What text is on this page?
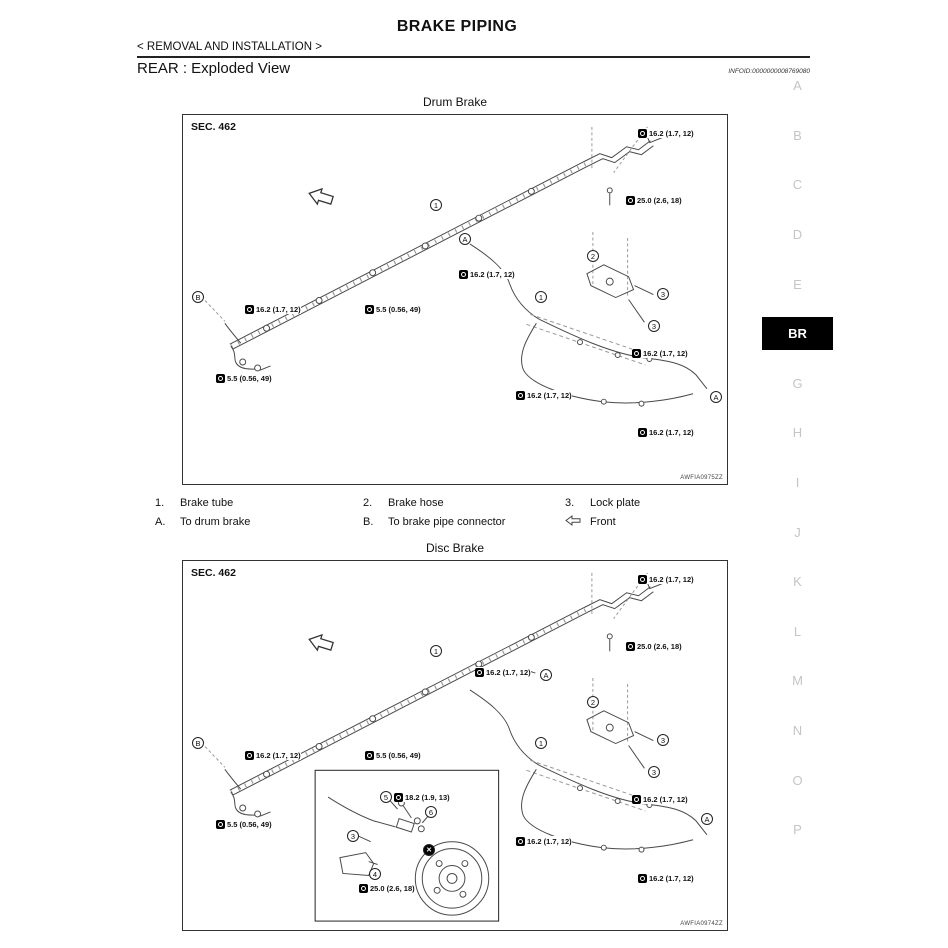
BRAKE PIPING
< REMOVAL AND INSTALLATION >
REAR : Exploded View	INFOID:0000000008769080
A
B
C
D
E
BR
G
H
I
J
K
L
M
N
O
P
Drum Brake
16.2 (1.7, 12)
25.0 (2.6, 18)
16.2 (1.7, 12)
16.2 (1.7, 12)	5.5 (0.56, 49)
5.5 (0.56, 49)
16.2 (1.7, 12)
16.2 (1.7, 12)
16.2 (1.7, 12)
1
A
1
2
3
3
B
A
SEC. 462
AWFIA0975ZZ
1.	Brake tube	2.	Brake hose	3.	Lock plate
A.	To drum brake	B.	To brake pipe connector	Front
Disc Brake
16.2 (1.7, 12)
25.0 (2.6, 18)
16.2 (1.7, 12)
16.2 (1.7, 12)	5.5 (0.56, 49)
5.5 (0.56, 49)
16.2 (1.7, 12)
16.2 (1.7, 12)
16.2 (1.7, 12)
18.2 (1.9, 13)
25.0 (2.6, 18)
1
A
1
2
3
3
B
A
5
6
3
4
✕
SEC. 462
AWFIA0974ZZ
